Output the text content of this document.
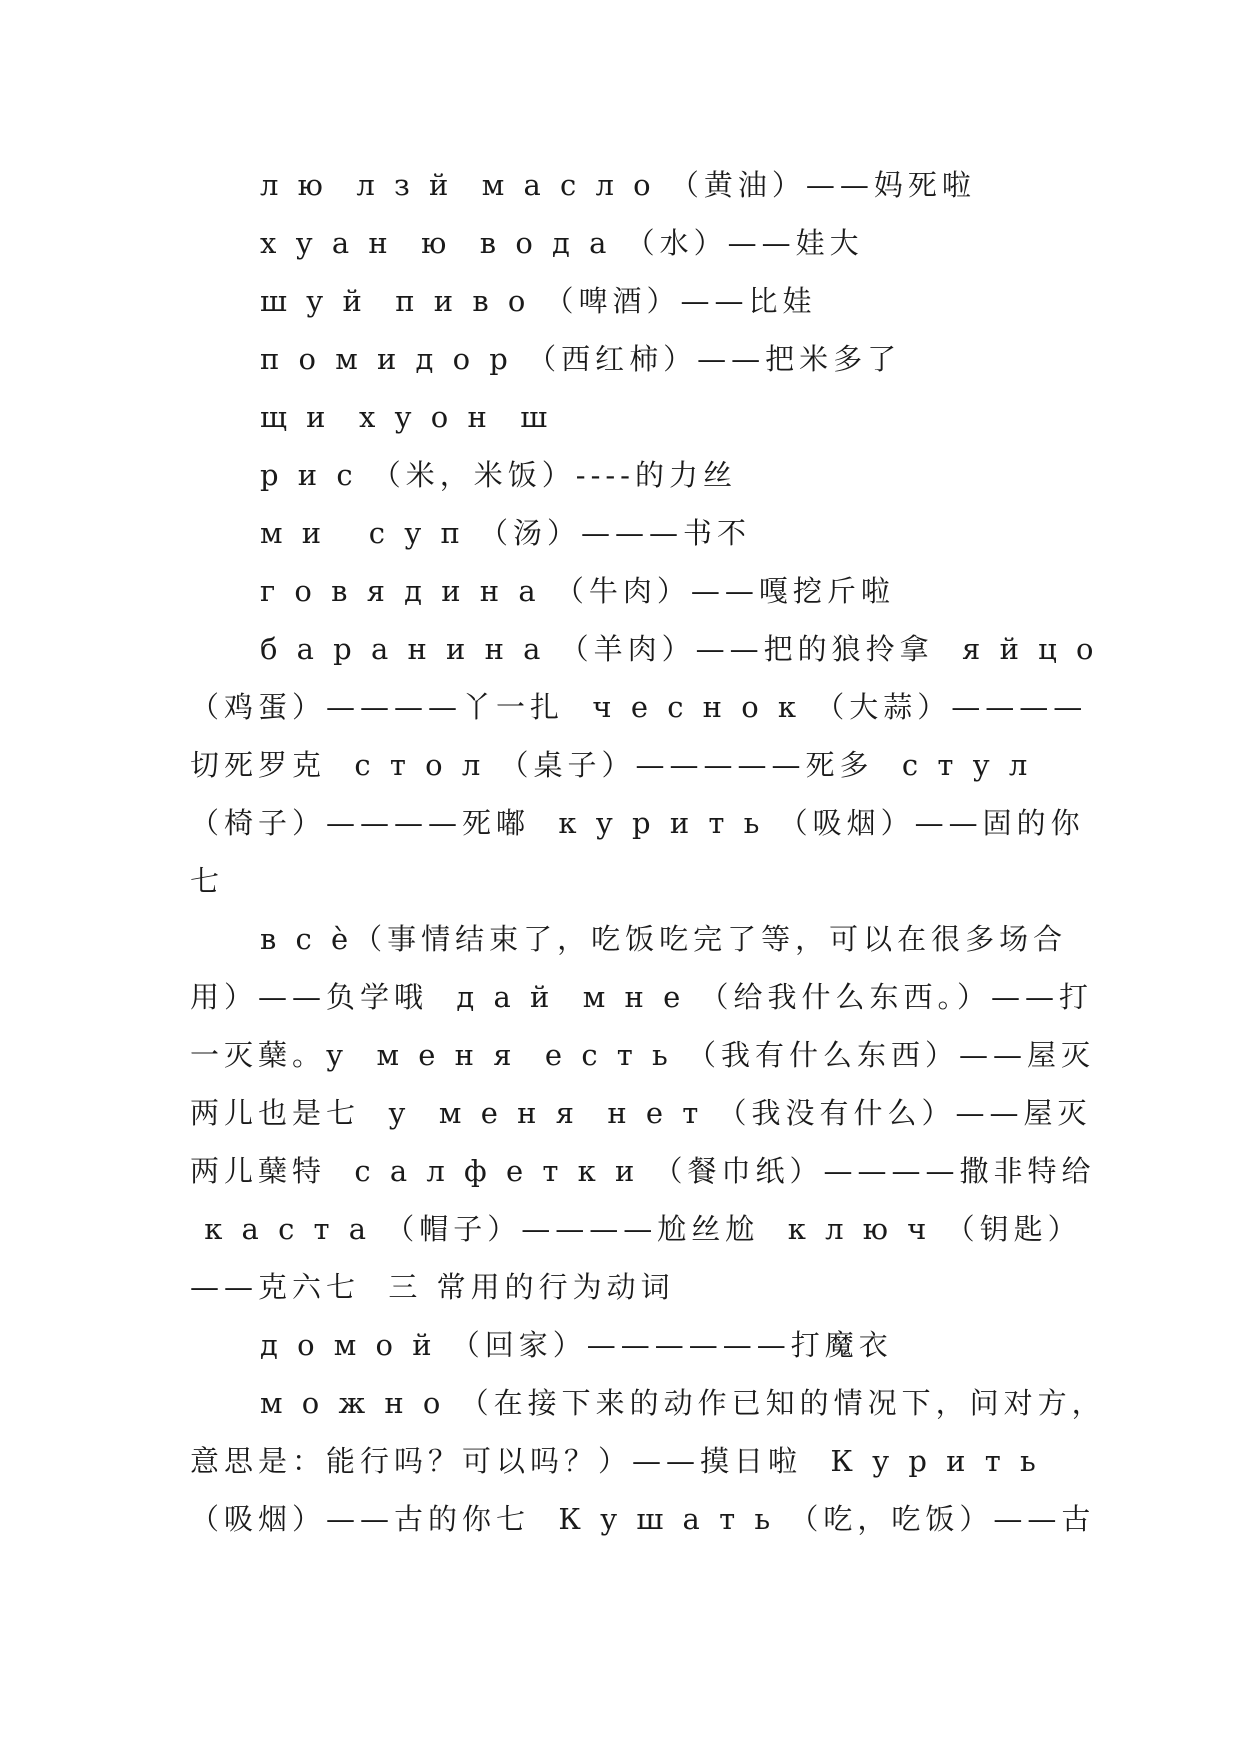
л ю  л з й  м а с л о （黄油）——妈死啦
х у а н  ю  в о д а （水）——娃大
ш у й  п и в о （啤酒）——比娃
п о м и д о р （西红柿）——把米多了
щ и  х у о н  ш
р и с （米，米饭）----的力丝
м и   с у п （汤）———书不
г о в я д и н а （牛肉）——嘎挖斤啦
б а р а н и н а （羊肉）——把的狼拎拿  я й ц о
（鸡蛋）————丫一扎  ч е с н о к （大蒜）————
切死罗克  с т о л （桌子）—————死多  с т у л
（椅子）————死嘟  к у р и т ь （吸烟）——固的你
七
в с è（事情结束了，吃饭吃完了等，可以在很多场合
用）——负学哦  д а й  м н е （给我什么东西。）——打
一灭蘖。у  м е н я  е с т ь （我有什么东西）——屋灭
两儿也是七  у  м е н я  н е т （我没有什么）——屋灭
两儿蘖特  с а л ф е т к и （餐巾纸）————撒非特给
к а с т а （帽子）————尬丝尬  к л ю ч （钥匙）
——克六七  三 常用的行为动词
д о м о й （回家）——————打魔衣
м о ж н о （在接下来的动作已知的情况下，问对方，
意思是：能行吗？可以吗？）——摸日啦  К у р и т ь
（吸烟）——古的你七  К у ш а т ь （吃，吃饭）——古
